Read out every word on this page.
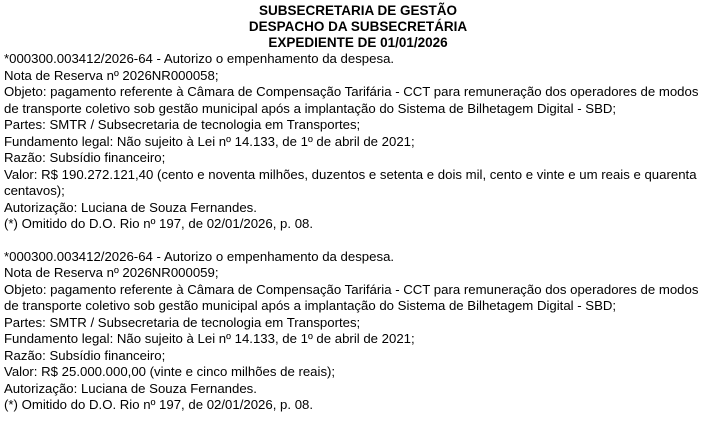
SUBSECRETARIA DE GESTÃO
DESPACHO DA SUBSECRETÁRIA
EXPEDIENTE DE 01/01/2026

*000300.003412/2026-64 - Autorizo o empenhamento da despesa.

Nota de Reserva nº 2026NR000058;

Objeto: pagamento referente à Câmara de Compensação Tarifária - CCT para remuneração dos operadores de modos de transporte coletivo sob gestão municipal após a implantação do Sistema de Bilhetagem Digital - SBD;

Partes: SMTR / Subsecretaria de tecnologia em Transportes;

Fundamento legal: Não sujeito à Lei nº 14.133, de 1º de abril de 2021;

Razão: Subsídio financeiro;

Valor: R$ 190.272.121,40 (cento e noventa milhões, duzentos e setenta e dois mil, cento e vinte e um reais e quarenta centavos);

Autorização: Luciana de Souza Fernandes.

(*) Omitido do D.O. Rio nº 197, de 02/01/2026, p. 08.

*000300.003412/2026-64 - Autorizo o empenhamento da despesa.

Nota de Reserva nº 2026NR000059;

Objeto: pagamento referente à Câmara de Compensação Tarifária - CCT para remuneração dos operadores de modos de transporte coletivo sob gestão municipal após a implantação do Sistema de Bilhetagem Digital - SBD;

Partes: SMTR / Subsecretaria de tecnologia em Transportes;

Fundamento legal: Não sujeito à Lei nº 14.133, de 1º de abril de 2021;

Razão: Subsídio financeiro;

Valor: R$ 25.000.000,00 (vinte e cinco milhões de reais);

Autorização: Luciana de Souza Fernandes.

(*) Omitido do D.O. Rio nº 197, de 02/01/2026, p. 08.
